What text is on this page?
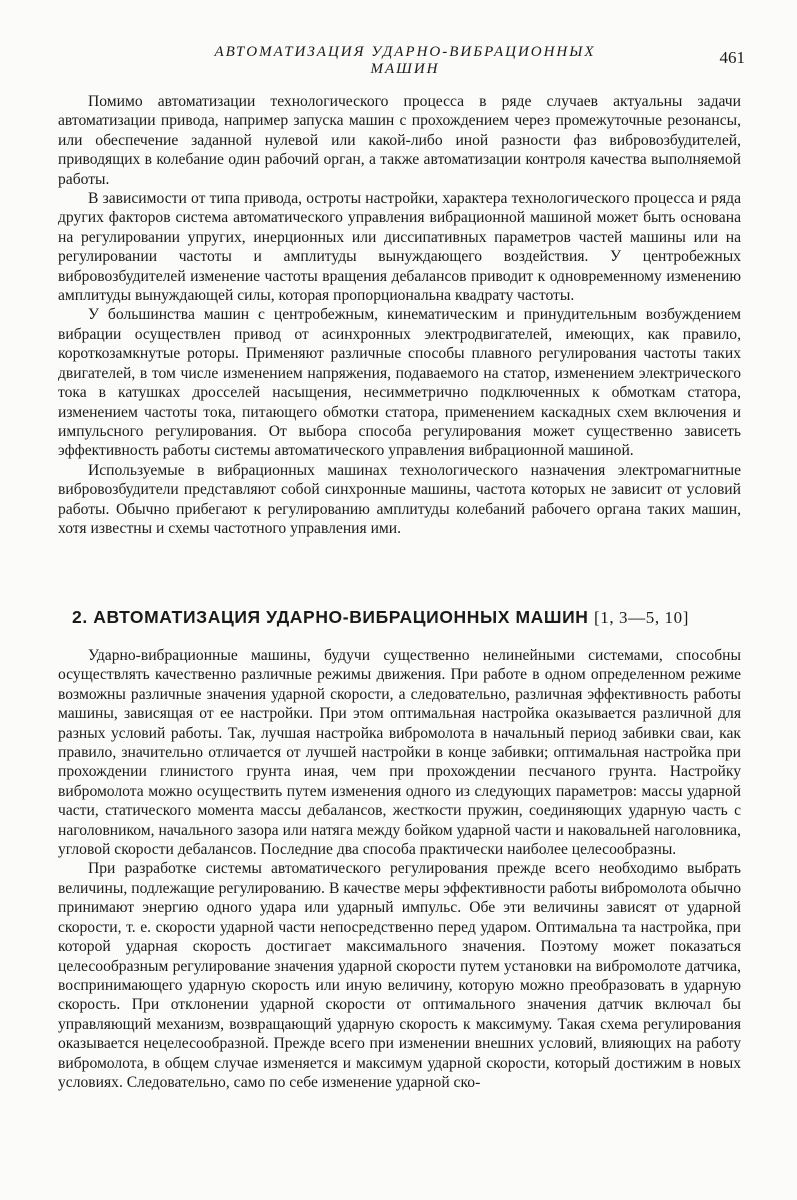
АВТОМАТИЗАЦИЯ УДАРНО-ВИБРАЦИОННЫХ МАШИН
461

Помимо автоматизации технологического процесса в ряде случаев актуальны задачи автоматизации привода, например запуска машин с прохождением через промежуточные резонансы, или обеспечение заданной нулевой или какой-либо иной разности фаз вибровозбудителей, приводящих в колебание один рабочий орган, а также автоматизации контроля качества выполняемой работы.

В зависимости от типа привода, остроты настройки, характера технологического процесса и ряда других факторов система автоматического управления вибрационной машиной может быть основана на регулировании упругих, инерционных или диссипативных параметров частей машины или на регулировании частоты и амплитуды вынуждающего воздействия. У центробежных вибровозбудителей изменение частоты вращения дебалансов приводит к одновременному изменению амплитуды вынуждающей силы, которая пропорциональна квадрату частоты.

У большинства машин с центробежным, кинематическим и принудительным возбуждением вибрации осуществлен привод от асинхронных электродвигателей, имеющих, как правило, короткозамкнутые роторы. Применяют различные способы плавного регулирования частоты таких двигателей, в том числе изменением напряжения, подаваемого на статор, изменением электрического тока в катушках дросселей насыщения, несимметрично подключенных к обмоткам статора, изменением частоты тока, питающего обмотки статора, применением каскадных схем включения и импульсного регулирования. От выбора способа регулирования может существенно зависеть эффективность работы системы автоматического управления вибрационной машиной.

Используемые в вибрационных машинах технологического назначения электромагнитные вибровозбудители представляют собой синхронные машины, частота которых не зависит от условий работы. Обычно прибегают к регулированию амплитуды колебаний рабочего органа таких машин, хотя известны и схемы частотного управления ими.

2. АВТОМАТИЗАЦИЯ УДАРНО-ВИБРАЦИОННЫХ МАШИН [1, 3—5, 10]

Ударно-вибрационные машины, будучи существенно нелинейными системами, способны осуществлять качественно различные режимы движения. При работе в одном определенном режиме возможны различные значения ударной скорости, а следовательно, различная эффективность работы машины, зависящая от ее настройки. При этом оптимальная настройка оказывается различной для разных условий работы. Так, лучшая настройка вибромолота в начальный период забивки сваи, как правило, значительно отличается от лучшей настройки в конце забивки; оптимальная настройка при прохождении глинистого грунта иная, чем при прохождении песчаного грунта. Настройку вибромолота можно осуществить путем изменения одного из следующих параметров: массы ударной части, статического момента массы дебалансов, жесткости пружин, соединяющих ударную часть с наголовником, начального зазора или натяга между бойком ударной части и наковальней наголовника, угловой скорости дебалансов. Последние два способа практически наиболее целесообразны.

При разработке системы автоматического регулирования прежде всего необходимо выбрать величины, подлежащие регулированию. В качестве меры эффективности работы вибромолота обычно принимают энергию одного удара или ударный импульс. Обе эти величины зависят от ударной скорости, т. е. скорости ударной части непосредственно перед ударом. Оптимальна та настройка, при которой ударная скорость достигает максимального значения. Поэтому может показаться целесообразным регулирование значения ударной скорости путем установки на вибромолоте датчика, воспринимающего ударную скорость или иную величину, которую можно преобразовать в ударную скорость. При отклонении ударной скорости от оптимального значения датчик включал бы управляющий механизм, возвращающий ударную скорость к максимуму. Такая схема регулирования оказывается нецелесообразной. Прежде всего при изменении внешних условий, влияющих на работу вибромолота, в общем случае изменяется и максимум ударной скорости, который достижим в новых условиях. Следовательно, само по себе изменение ударной ско-
